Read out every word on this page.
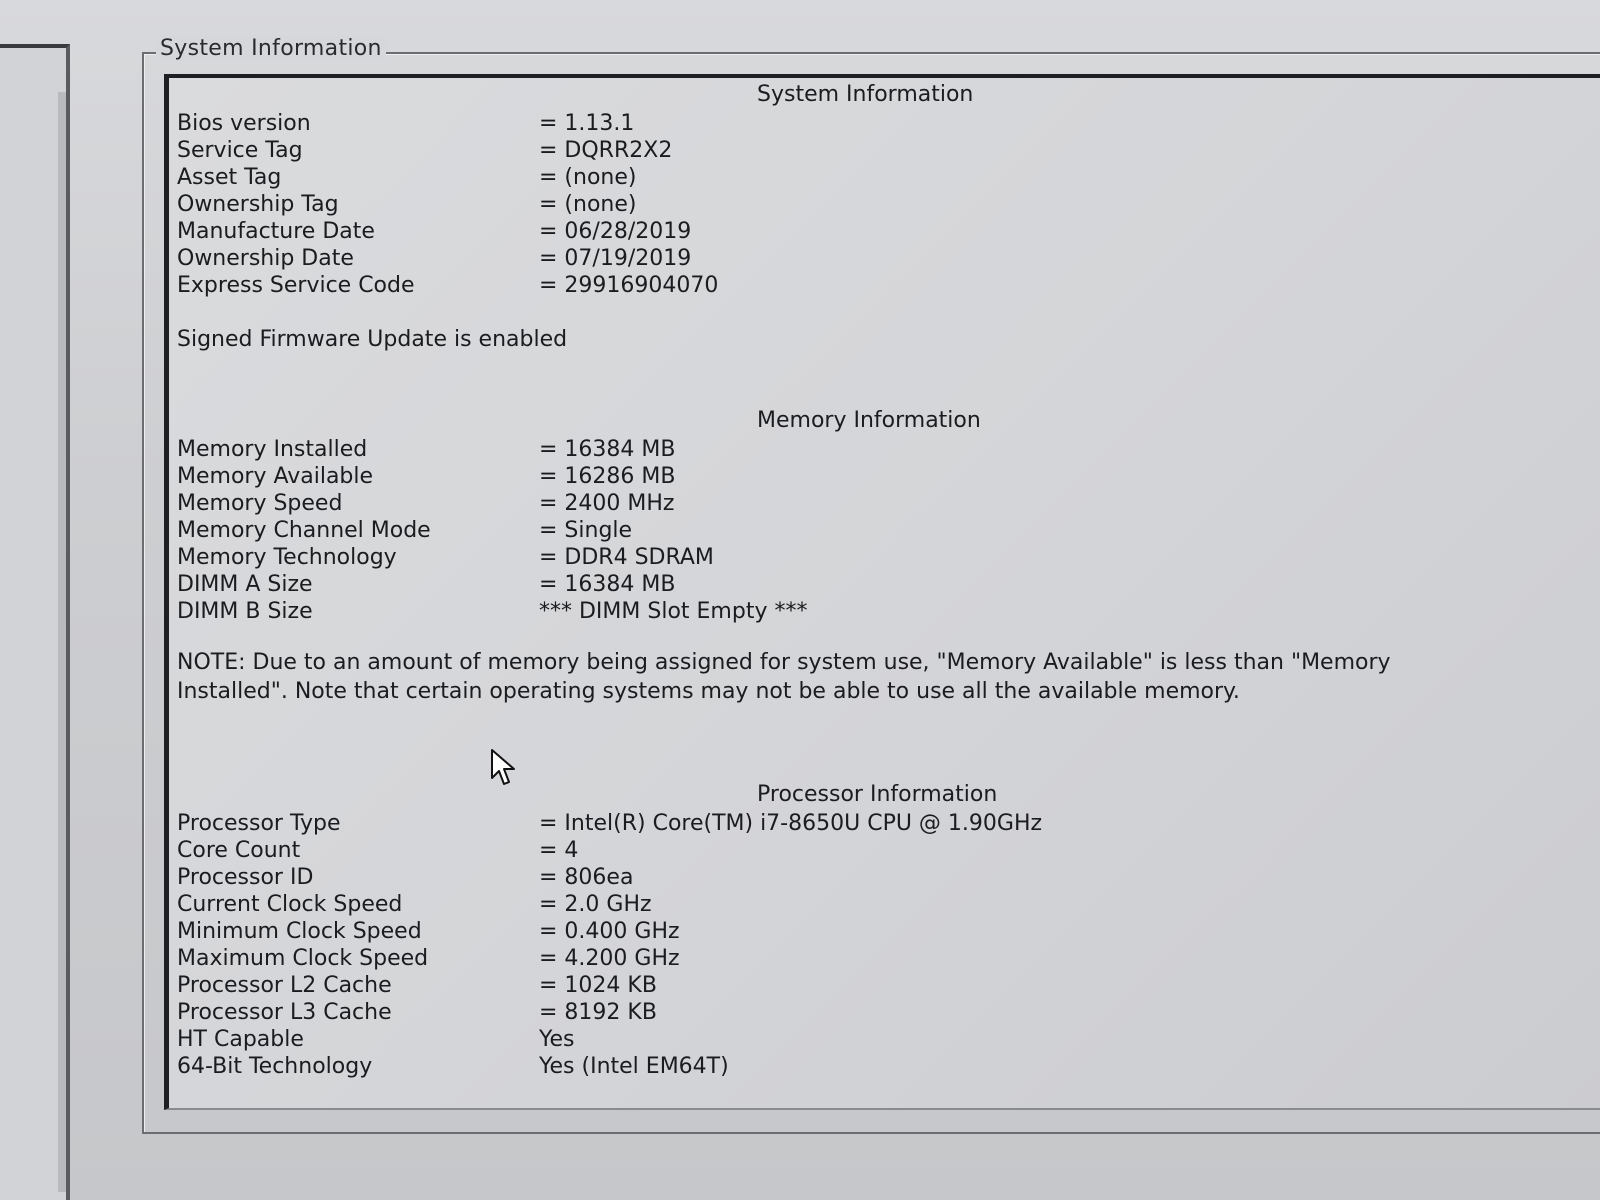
System Information
System Information
Bios version	= 1.13.1
Service Tag	= DQRR2X2
Asset Tag	= (none)
Ownership Tag	= (none)
Manufacture Date	= 06/28/2019
Ownership Date	= 07/19/2019
Express Service Code	= 29916904070
Signed Firmware Update is enabled
Memory Information
Memory Installed	= 16384 MB
Memory Available	= 16286 MB
Memory Speed	= 2400 MHz
Memory Channel Mode	= Single
Memory Technology	= DDR4 SDRAM
DIMM A Size	= 16384 MB
DIMM B Size	*** DIMM Slot Empty ***
NOTE: Due to an amount of memory being assigned for system use, "Memory Available" is less than "Memory Installed". Note that certain operating systems may not be able to use all the available memory.
Processor Information
Processor Type	= Intel(R) Core(TM) i7-8650U CPU @ 1.90GHz
Core Count	= 4
Processor ID	= 806ea
Current Clock Speed	= 2.0 GHz
Minimum Clock Speed	= 0.400 GHz
Maximum Clock Speed	= 4.200 GHz
Processor L2 Cache	= 1024 KB
Processor L3 Cache	= 8192 KB
HT Capable	Yes
64-Bit Technology	Yes (Intel EM64T)
